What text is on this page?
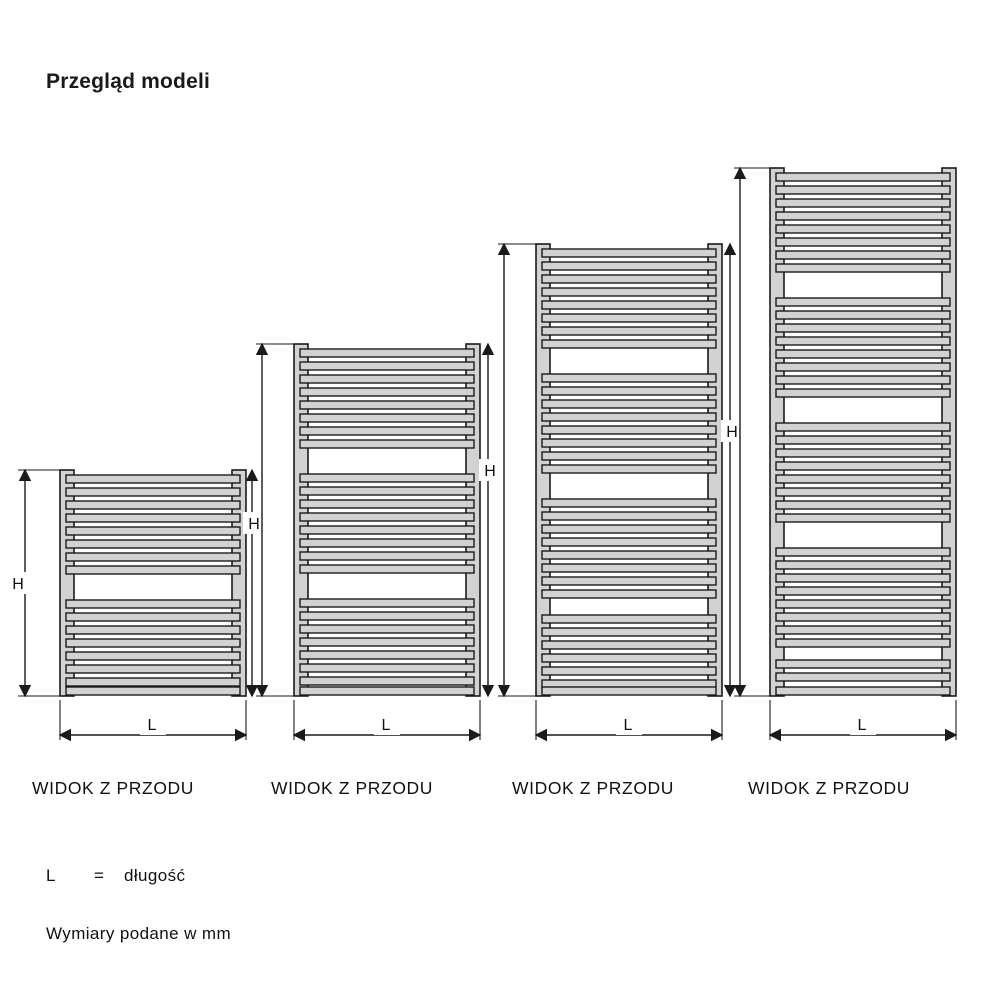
Przegląd modeli
H
H
L
H
L
H
L	L
WIDOK Z PRZODU	WIDOK Z PRZODU	WIDOK Z PRZODU	WIDOK Z PRZODU
L = długość
Wymiary podane w mm
